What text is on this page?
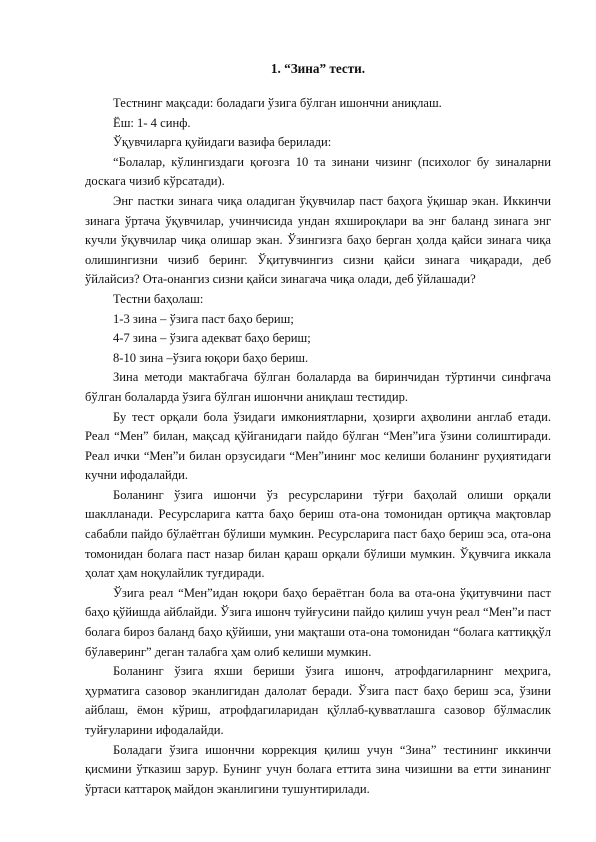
1. “Зина” тести.

Тестнинг мақсади: боладаги ўзига бўлган ишончни аниқлаш.

Ёш: 1- 4 синф.

Ўқувчиларга қуйидаги вазифа берилади:

“Болалар, кўлингиздаги қоғозга 10 та зинани чизинг (психолог бу зиналарни доскага чизиб кўрсатади).

Энг пастки зинага чиқа оладиган ўқувчилар паст баҳога ўқишар экан. Иккинчи зинага ўртача ўқувчилар, учинчисида ундан яхшироқлари ва энг баланд зинага энг кучли ўқувчилар чиқа олишар экан. Ўзингизга баҳо берган ҳолда қайси зинага чиқа олишингизни чизиб беринг. Ўқитувчингиз сизни қайси зинага чиқаради, деб ўйлайсиз? Ота-онангиз сизни қайси зинагача чиқа олади, деб ўйлашади?

Тестни баҳолаш:

1-3 зина – ўзига паст баҳо бериш;

4-7 зина – ўзига адекват баҳо бериш;

8-10 зина –ўзига юқори баҳо бериш.

Зина методи мактабгача бўлган болаларда ва биринчидан тўртинчи синфгача бўлган болаларда ўзига бўлган ишончни аниқлаш тестидир.

Бу тест орқали бола ўзидаги имкониятларни, ҳозирги аҳволини англаб етади. Реал “Мен” билан, мақсад қўйганидаги пайдо бўлган “Мен”ига ўзини солиштиради. Реал ички “Мен”и билан орзусидаги “Мен”ининг мос келиши боланинг руҳиятидаги кучни ифодалайди.

Боланинг ўзига ишончи ўз ресурсларини тўғри баҳолай олиши орқали шаклланади. Ресурсларига катта баҳо бериш ота-она томонидан ортиқча мақтовлар сабабли пайдо бўлаётган бўлиши мумкин. Ресурсларига паст баҳо бериш эса, ота-она томонидан болага паст назар билан қараш орқали бўлиши мумкин. Ўқувчига иккала ҳолат ҳам ноқулайлик туғдиради.

Ўзига реал “Мен”идан юқори баҳо бераётган бола ва ота-она ўқитувчини паст баҳо қўйишда айблайди. Ўзига ишонч туйғусини пайдо қилиш учун реал “Мен”и паст болага бироз баланд баҳо қўйиши, уни мақташи ота-она томонидан “болага каттиққўл бўлаверинг” деган талабга ҳам олиб келиши мумкин.

Боланинг ўзига яхши бериши ўзига ишонч, атрофдагиларнинг меҳрига, ҳурматига сазовор эканлигидан далолат беради. Ўзига паст баҳо бериш эса, ўзини айблаш, ёмон кўриш, атрофдагиларидан қўллаб-қувватлашга сазовор бўлмаслик туйғуларини ифодалайди.

Боладаги ўзига ишончни коррекция қилиш учун “Зина” тестининг иккинчи қисмини ўтказиш зарур. Бунинг учун болага еттита зина чизишни ва етти зинанинг ўртаси каттароқ майдон эканлигини тушунтирилади.
